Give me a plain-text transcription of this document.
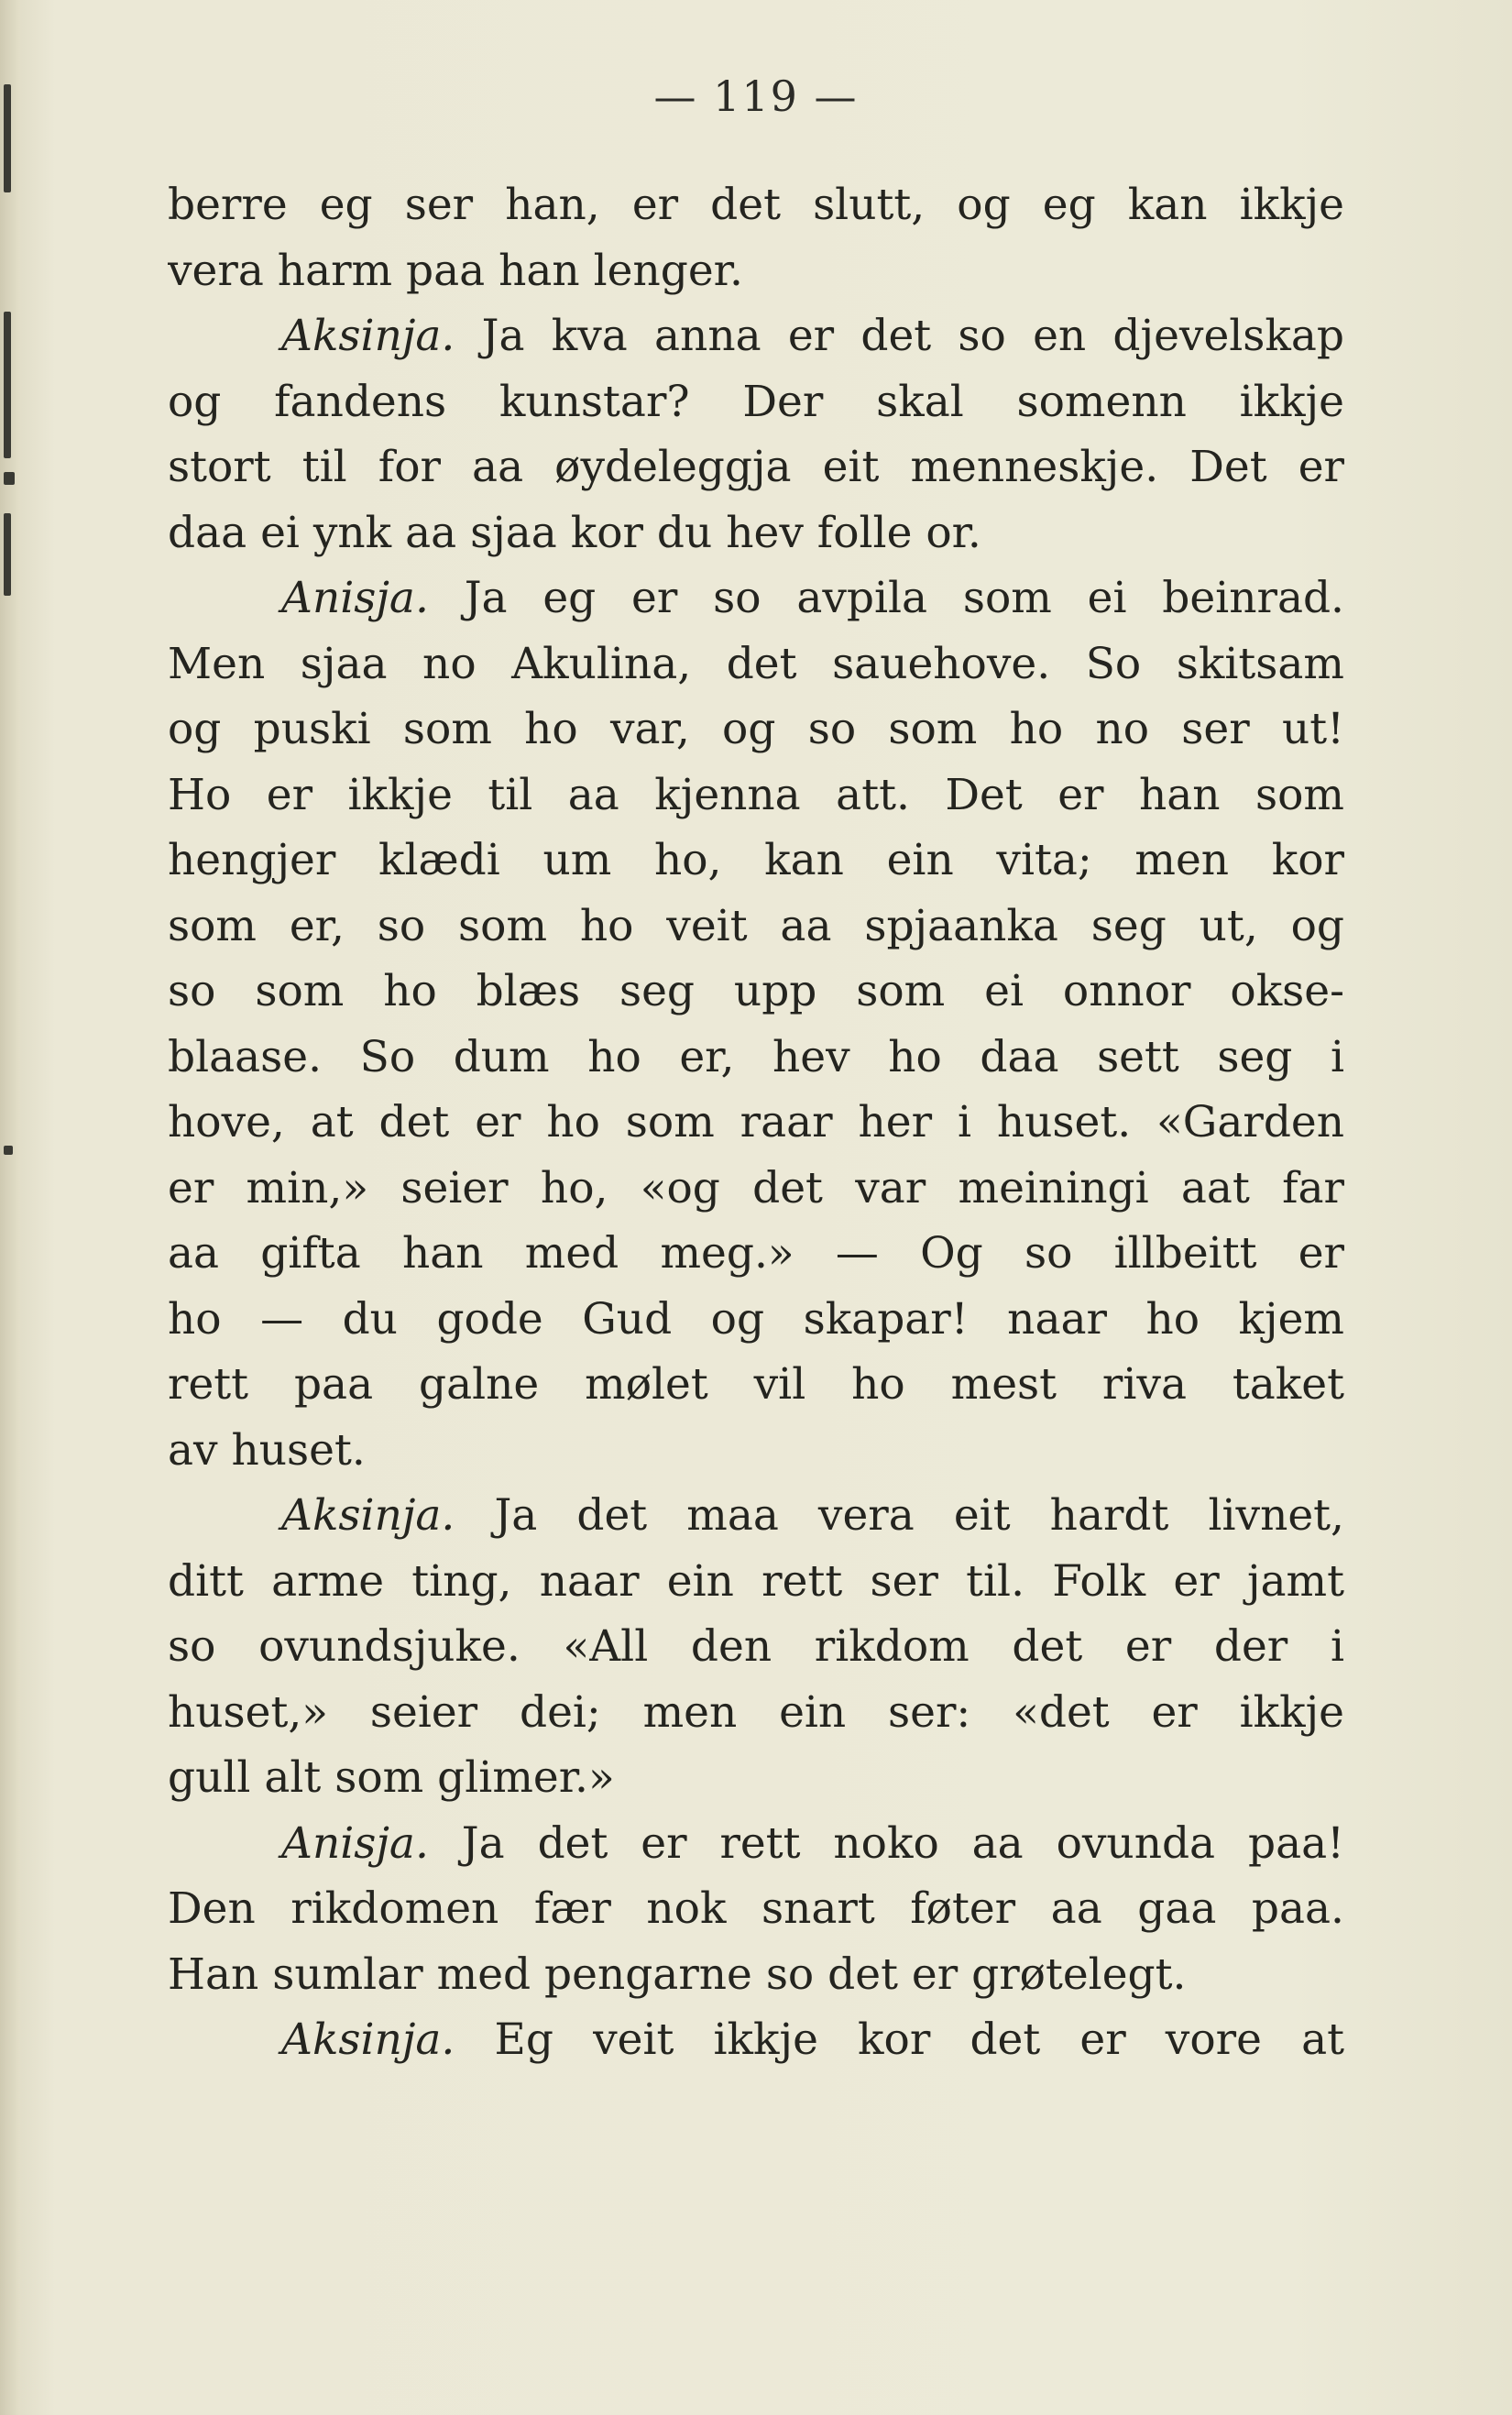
— 119 —
berre eg ser han, er det slutt, og eg kan ikkje
vera harm paa han lenger.
Aksinja. Ja kva anna er det so en djevelskap
og fandens kunstar? Der skal somenn ikkje
stort til for aa øydeleggja eit menneskje. Det er
daa ei ynk aa sjaa kor du hev folle or.
Anisja. Ja eg er so avpila som ei beinrad.
Men sjaa no Akulina, det sauehove. So skitsam
og puski som ho var, og so som ho no ser ut!
Ho er ikkje til aa kjenna att. Det er han som
hengjer klædi um ho, kan ein vita; men kor
som er, so som ho veit aa spjaanka seg ut, og
so som ho blæs seg upp som ei onnor okse-
blaase. So dum ho er, hev ho daa sett seg i
hove, at det er ho som raar her i huset. «Garden
er min,» seier ho, «og det var meiningi aat far
aa gifta han med meg.» — Og so illbeitt er
ho — du gode Gud og skapar! naar ho kjem
rett paa galne mølet vil ho mest riva taket
av huset.
Aksinja. Ja det maa vera eit hardt livnet,
ditt arme ting, naar ein rett ser til. Folk er jamt
so ovundsjuke. «All den rikdom det er der i
huset,» seier dei; men ein ser: «det er ikkje
gull alt som glimer.»
Anisja. Ja det er rett noko aa ovunda paa!
Den rikdomen fær nok snart føter aa gaa paa.
Han sumlar med pengarne so det er grøtelegt.
Aksinja. Eg veit ikkje kor det er vore at
